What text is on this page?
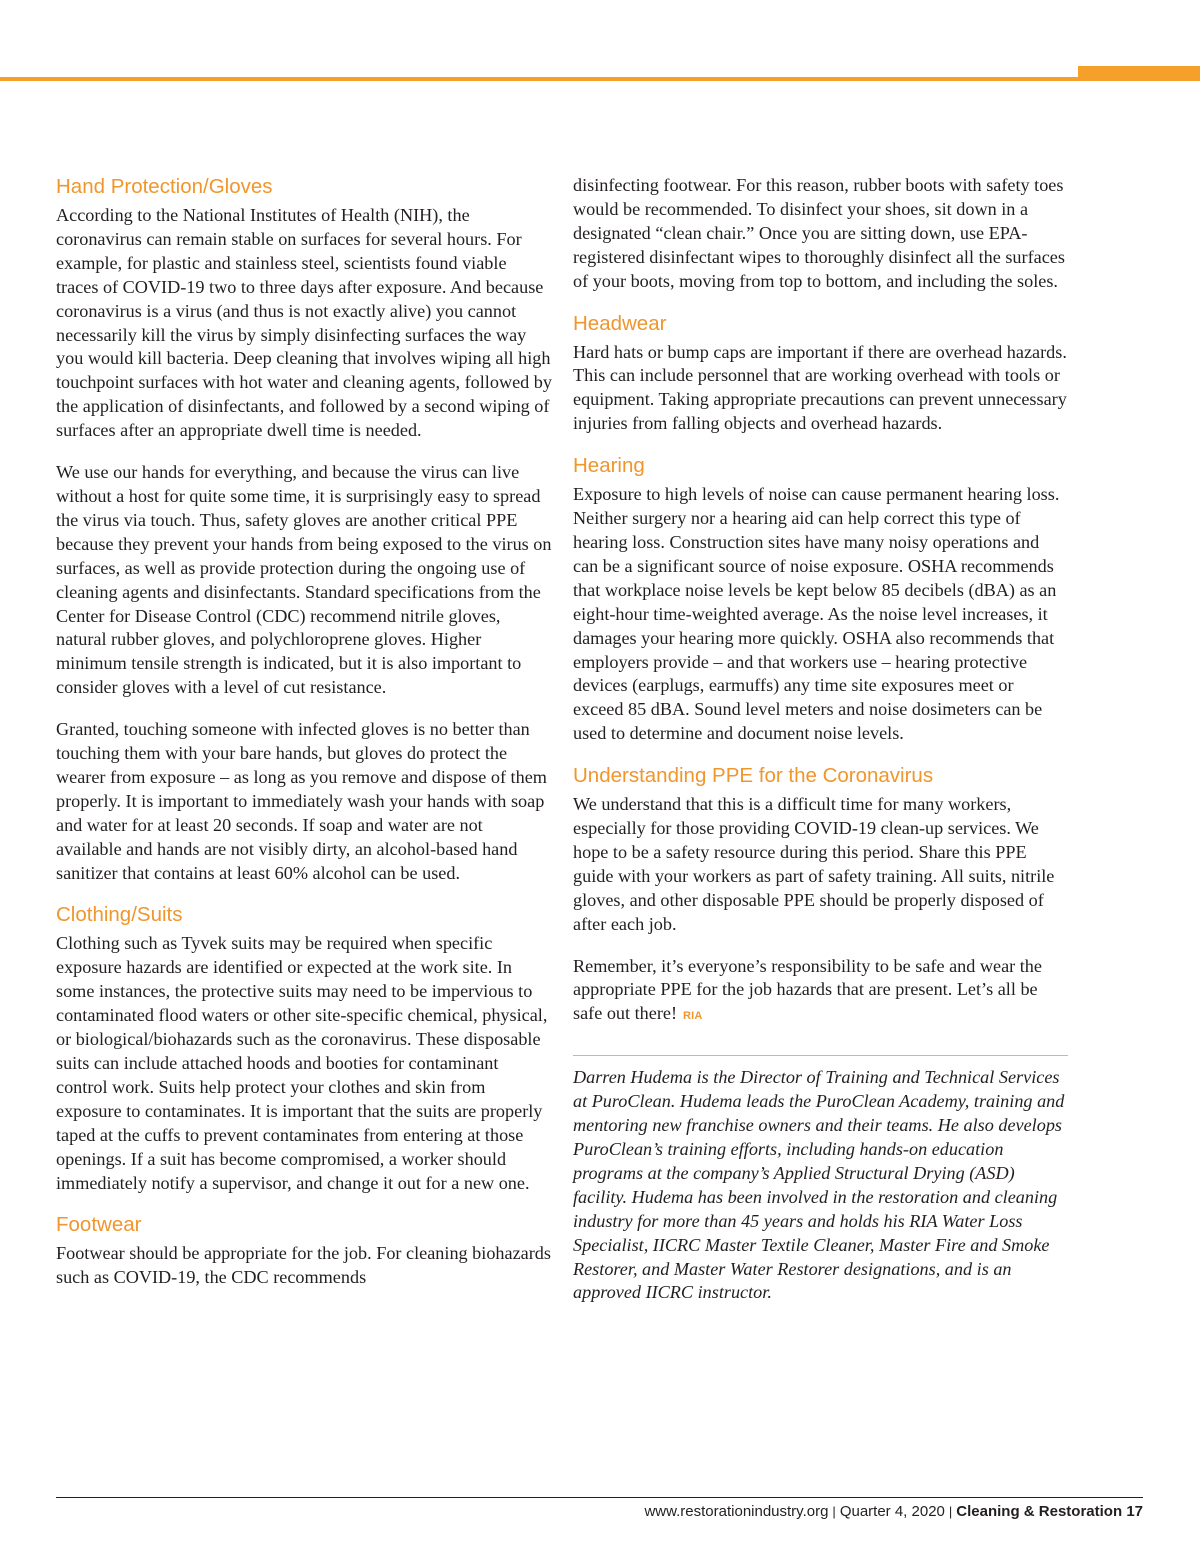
Hand Protection/Gloves

According to the National Institutes of Health (NIH), the coronavirus can remain stable on surfaces for several hours. For example, for plastic and stainless steel, scientists found viable traces of COVID-19 two to three days after exposure. And because coronavirus is a virus (and thus is not exactly alive) you cannot necessarily kill the virus by simply disinfecting surfaces the way you would kill bacteria. Deep cleaning that involves wiping all high touchpoint surfaces with hot water and cleaning agents, followed by the application of disinfectants, and followed by a second wiping of surfaces after an appropriate dwell time is needed.

We use our hands for everything, and because the virus can live without a host for quite some time, it is surprisingly easy to spread the virus via touch. Thus, safety gloves are another critical PPE because they prevent your hands from being exposed to the virus on surfaces, as well as provide protection during the ongoing use of cleaning agents and disinfectants. Standard specifications from the Center for Disease Control (CDC) recommend nitrile gloves, natural rubber gloves, and polychloroprene gloves. Higher minimum tensile strength is indicated, but it is also important to consider gloves with a level of cut resistance.

Granted, touching someone with infected gloves is no better than touching them with your bare hands, but gloves do protect the wearer from exposure – as long as you remove and dispose of them properly. It is important to immediately wash your hands with soap and water for at least 20 seconds. If soap and water are not available and hands are not visibly dirty, an alcohol-based hand sanitizer that contains at least 60% alcohol can be used.

Clothing/Suits

Clothing such as Tyvek suits may be required when specific exposure hazards are identified or expected at the work site. In some instances, the protective suits may need to be impervious to contaminated flood waters or other site-specific chemical, physical, or biological/biohazards such as the coronavirus. These disposable suits can include attached hoods and booties for contaminant control work. Suits help protect your clothes and skin from exposure to contaminates. It is important that the suits are properly taped at the cuffs to prevent contaminates from entering at those openings. If a suit has become compromised, a worker should immediately notify a supervisor, and change it out for a new one.

Footwear

Footwear should be appropriate for the job. For cleaning biohazards such as COVID-19, the CDC recommends

disinfecting footwear. For this reason, rubber boots with safety toes would be recommended. To disinfect your shoes, sit down in a designated “clean chair.” Once you are sitting down, use EPA-registered disinfectant wipes to thoroughly disinfect all the surfaces of your boots, moving from top to bottom, and including the soles.

Headwear

Hard hats or bump caps are important if there are overhead hazards. This can include personnel that are working overhead with tools or equipment. Taking appropriate precautions can prevent unnecessary injuries from falling objects and overhead hazards.

Hearing

Exposure to high levels of noise can cause permanent hearing loss. Neither surgery nor a hearing aid can help correct this type of hearing loss. Construction sites have many noisy operations and can be a significant source of noise exposure. OSHA recommends that workplace noise levels be kept below 85 decibels (dBA) as an eight-hour time-weighted average. As the noise level increases, it damages your hearing more quickly. OSHA also recommends that employers provide – and that workers use – hearing protective devices (earplugs, earmuffs) any time site exposures meet or exceed 85 dBA. Sound level meters and noise dosimeters can be used to determine and document noise levels.

Understanding PPE for the Coronavirus

We understand that this is a difficult time for many workers, especially for those providing COVID-19 clean-up services. We hope to be a safety resource during this period. Share this PPE guide with your workers as part of safety training. All suits, nitrile gloves, and other disposable PPE should be properly disposed of after each job.

Remember, it’s everyone’s responsibility to be safe and wear the appropriate PPE for the job hazards that are present. Let’s all be safe out there! RIA

Darren Hudema is the Director of Training and Technical Services at PuroClean. Hudema leads the PuroClean Academy, training and mentoring new franchise owners and their teams. He also develops PuroClean’s training efforts, including hands-on education programs at the company’s Applied Structural Drying (ASD) facility. Hudema has been involved in the restoration and cleaning industry for more than 45 years and holds his RIA Water Loss Specialist, IICRC Master Textile Cleaner, Master Fire and Smoke Restorer, and Master Water Restorer designations, and is an approved IICRC instructor.

www.restorationindustry.org | Quarter 4, 2020 | Cleaning & Restoration 17
